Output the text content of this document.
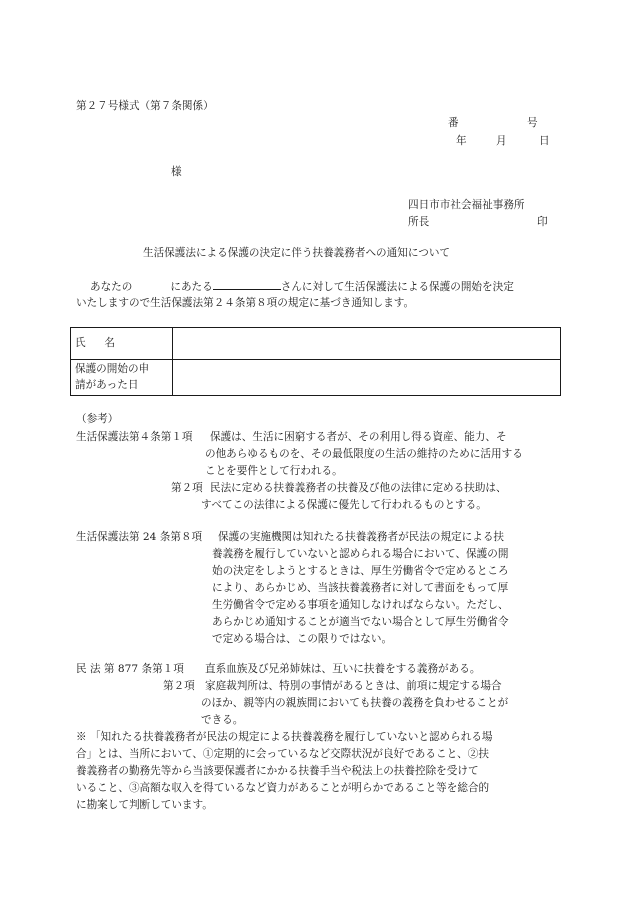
第２７号様式（第７条関係）
番	号
年	月	日
様
四日市市社会福祉事務所
所長	印
生活保護法による保護の決定に伴う扶養義務者への通知について
あなたの	にあたる	さんに対して生活保護法による保護の開始を決定
いたしますので生活保護法第２４条第８項の規定に基づき通知します。
氏 名	

保護の開始の申
請があった日	

（参考）
生活保護法第４条第１項 保護は、生活に困窮する者が、その利用し得る資産、能力、そ
の他あらゆるものを、その最低限度の生活の維持のために活用する
ことを要件として行われる。
第２項 民法に定める扶養義務者の扶養及び他の法律に定める扶助は、
すべてこの法律による保護に優先して行われるものとする。
生活保護法第 24 条第８項 保護の実施機関は知れたる扶養義務者が民法の規定による扶
養義務を履行していないと認められる場合において、保護の開
始の決定をしようとするときは、厚生労働省令で定めるところ
により、あらかじめ、当該扶養義務者に対して書面をもって厚
生労働省令で定める事項を通知しなければならない。ただし、
あらかじめ通知することが適当でない場合として厚生労働省令
で定める場合は、この限りではない。
民 法 第 877 条第１項 直系血族及び兄弟姉妹は、互いに扶養をする義務がある。
第２項 家庭裁判所は、特別の事情があるときは、前項に規定する場合
のほか、親等内の親族間においても扶養の義務を負わせることが
できる。
※ 「知れたる扶養義務者が民法の規定による扶養義務を履行していないと認められる場
合」とは、当所において、①定期的に会っているなど交際状況が良好であること、②扶
養義務者の勤務先等から当該要保護者にかかる扶養手当や税法上の扶養控除を受けて
いること、③高額な収入を得ているなど資力があることが明らかであること等を総合的
に勘案して判断しています。
